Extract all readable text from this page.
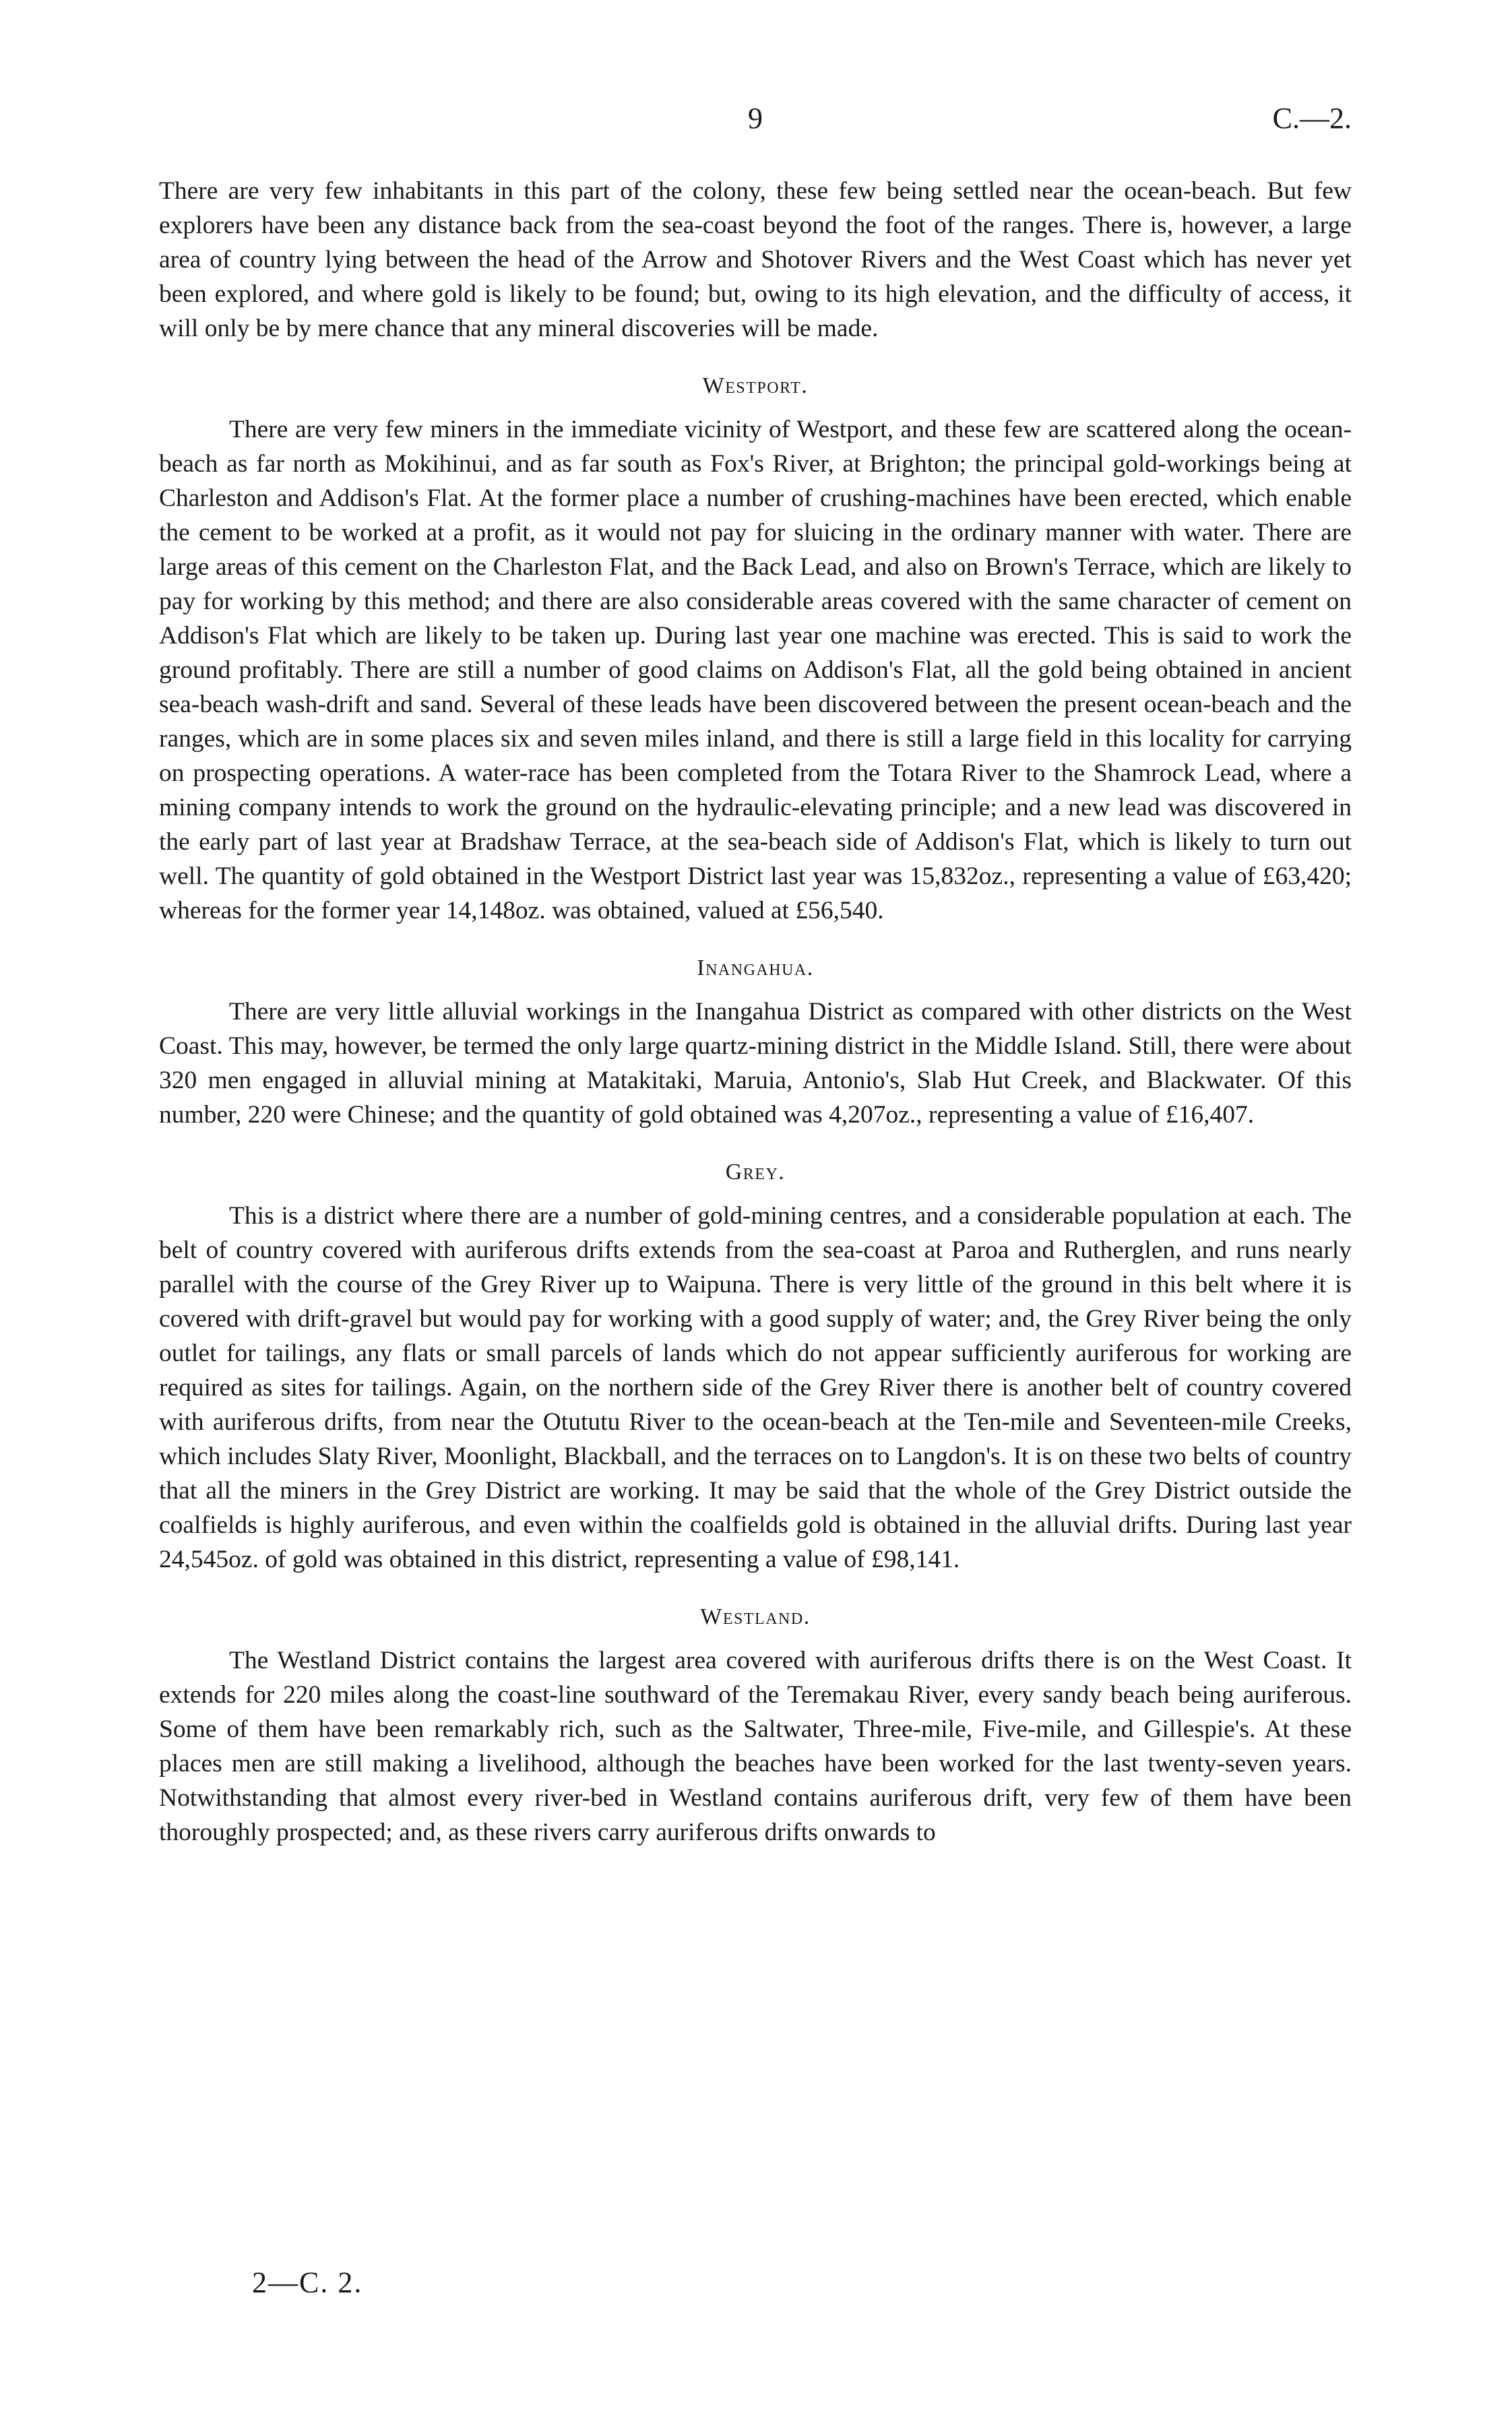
9	C.—2.

There are very few inhabitants in this part of the colony, these few being settled near the ocean-beach. But few explorers have been any distance back from the sea-coast beyond the foot of the ranges. There is, however, a large area of country lying between the head of the Arrow and Shotover Rivers and the West Coast which has never yet been explored, and where gold is likely to be found; but, owing to its high elevation, and the difficulty of access, it will only be by mere chance that any mineral discoveries will be made.

Westport.

There are very few miners in the immediate vicinity of Westport, and these few are scattered along the ocean-beach as far north as Mokihinui, and as far south as Fox's River, at Brighton; the principal gold-workings being at Charleston and Addison's Flat. At the former place a number of crushing-machines have been erected, which enable the cement to be worked at a profit, as it would not pay for sluicing in the ordinary manner with water. There are large areas of this cement on the Charleston Flat, and the Back Lead, and also on Brown's Terrace, which are likely to pay for working by this method; and there are also considerable areas covered with the same character of cement on Addison's Flat which are likely to be taken up. During last year one machine was erected. This is said to work the ground profitably. There are still a number of good claims on Addison's Flat, all the gold being obtained in ancient sea-beach wash-drift and sand. Several of these leads have been discovered between the present ocean-beach and the ranges, which are in some places six and seven miles inland, and there is still a large field in this locality for carrying on prospecting operations. A water-race has been completed from the Totara River to the Shamrock Lead, where a mining company intends to work the ground on the hydraulic-elevating principle; and a new lead was discovered in the early part of last year at Bradshaw Terrace, at the sea-beach side of Addison's Flat, which is likely to turn out well. The quantity of gold obtained in the Westport District last year was 15,832oz., representing a value of £63,420; whereas for the former year 14,148oz. was obtained, valued at £56,540.

Inangahua.

There are very little alluvial workings in the Inangahua District as compared with other districts on the West Coast. This may, however, be termed the only large quartz-mining district in the Middle Island. Still, there were about 320 men engaged in alluvial mining at Matakitaki, Maruia, Antonio's, Slab Hut Creek, and Blackwater. Of this number, 220 were Chinese; and the quantity of gold obtained was 4,207oz., representing a value of £16,407.

Grey.

This is a district where there are a number of gold-mining centres, and a considerable population at each. The belt of country covered with auriferous drifts extends from the sea-coast at Paroa and Rutherglen, and runs nearly parallel with the course of the Grey River up to Waipuna. There is very little of the ground in this belt where it is covered with drift-gravel but would pay for working with a good supply of water; and, the Grey River being the only outlet for tailings, any flats or small parcels of lands which do not appear sufficiently auriferous for working are required as sites for tailings. Again, on the northern side of the Grey River there is another belt of country covered with auriferous drifts, from near the Otututu River to the ocean-beach at the Ten-mile and Seventeen-mile Creeks, which includes Slaty River, Moonlight, Blackball, and the terraces on to Langdon's. It is on these two belts of country that all the miners in the Grey District are working. It may be said that the whole of the Grey District outside the coalfields is highly auriferous, and even within the coalfields gold is obtained in the alluvial drifts. During last year 24,545oz. of gold was obtained in this district, representing a value of £98,141.

Westland.

The Westland District contains the largest area covered with auriferous drifts there is on the West Coast. It extends for 220 miles along the coast-line southward of the Teremakau River, every sandy beach being auriferous. Some of them have been remarkably rich, such as the Saltwater, Three-mile, Five-mile, and Gillespie's. At these places men are still making a livelihood, although the beaches have been worked for the last twenty-seven years. Notwithstanding that almost every river-bed in Westland contains auriferous drift, very few of them have been thoroughly prospected; and, as these rivers carry auriferous drifts onwards to

2—C. 2.
